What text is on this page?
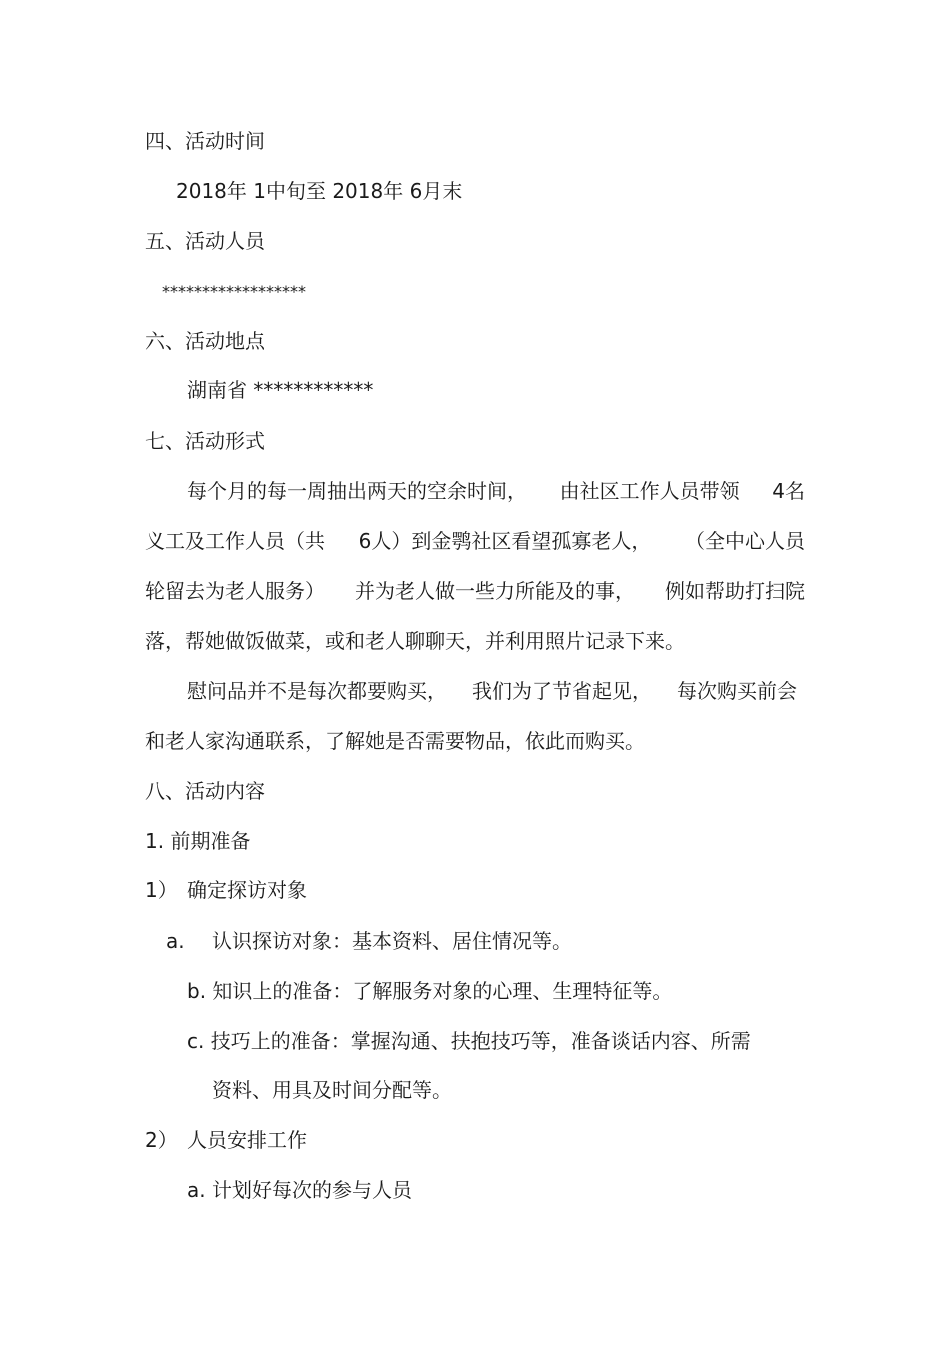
四、活动时间
2018年 1中旬至 2018年 6月末
五、活动人员
******************
六、活动地点
湖南省 ************
七、活动形式
每个月的每一周抽出两天的空余时间， 由社区工作人员带领 4名
义工及工作人员（共 6人）到金鹗社区看望孤寡老人， （全中心人员
轮留去为老人服务） 并为老人做一些力所能及的事， 例如帮助打扫院
落，帮她做饭做菜，或和老人聊聊天，并利用照片记录下来。
慰问品并不是每次都要购买， 我们为了节省起见， 每次购买前会
和老人家沟通联系，了解她是否需要物品，依此而购买。
八、活动内容
1. 前期准备
1） 确定探访对象
a. 认识探访对象：基本资料、居住情况等。
b. 知识上的准备：了解服务对象的心理、生理特征等。
c. 技巧上的准备：掌握沟通、扶抱技巧等，准备谈话内容、所需
资料、用具及时间分配等。
2） 人员安排工作
a. 计划好每次的参与人员
